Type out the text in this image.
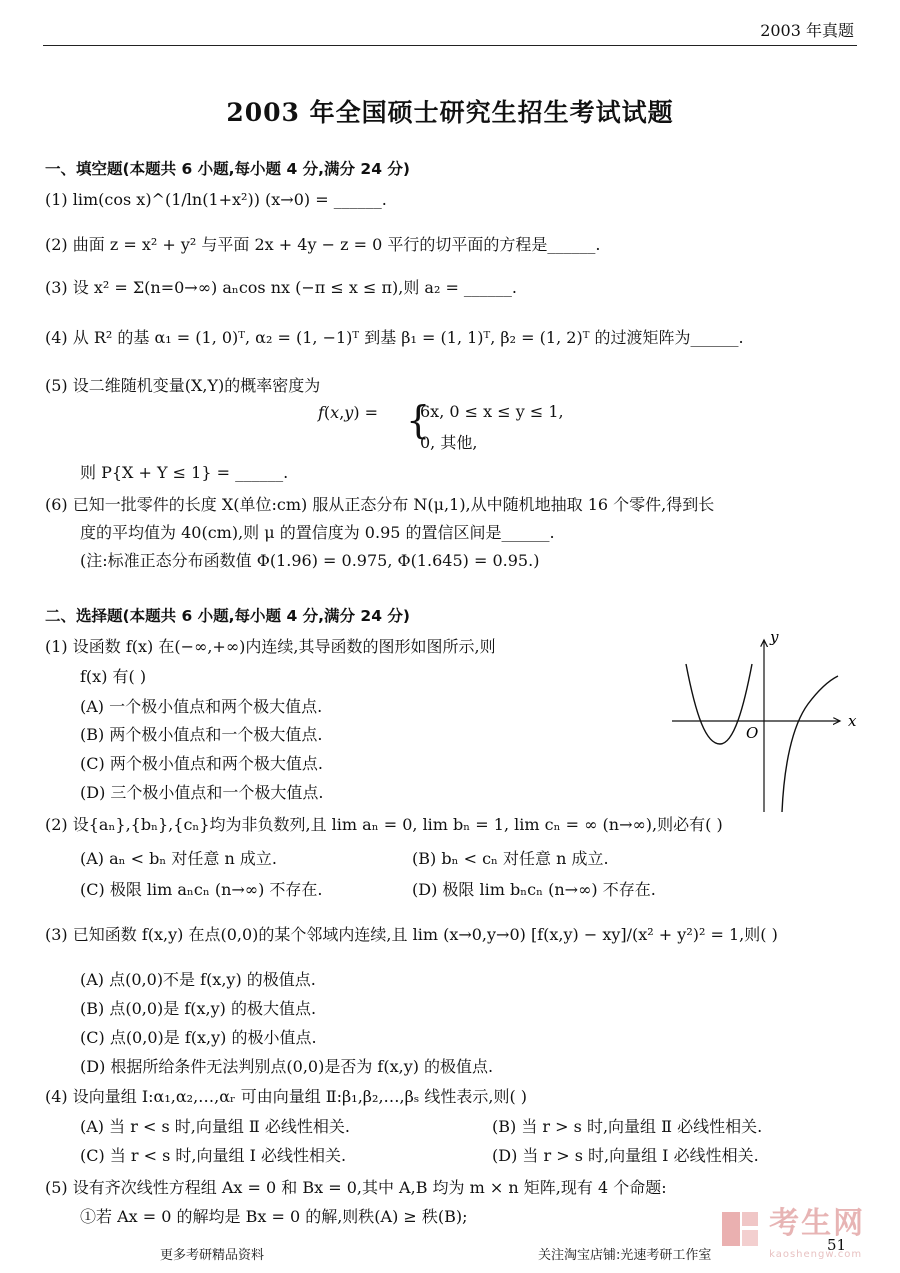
2003 年真题
2003 年全国硕士研究生招生考试试题
一、填空题(本题共 6 小题,每小题 4 分,满分 24 分)
(1) lim(cos x)^(1/ln(1+x²)) (x→0) = ______.
(2) 曲面 z = x² + y² 与平面 2x + 4y − z = 0 平行的切平面的方程是______.
(3) 设 x² = Σ(n=0→∞) aₙcos nx (−π ≤ x ≤ π),则 a₂ = ______.
(4) 从 R² 的基 α₁ = (1, 0)ᵀ, α₂ = (1, −1)ᵀ 到基 β₁ = (1, 1)ᵀ, β₂ = (1, 2)ᵀ 的过渡矩阵为______.
(5) 设二维随机变量(X,Y)的概率密度为
f(x,y) = {
6x, 0 ≤ x ≤ y ≤ 1,
0, 其他,
则 P{X + Y ≤ 1} = ______.
(6) 已知一批零件的长度 X(单位:cm) 服从正态分布 N(μ,1),从中随机地抽取 16 个零件,得到长
度的平均值为 40(cm),则 μ 的置信度为 0.95 的置信区间是______.
(注:标准正态分布函数值 Φ(1.96) = 0.975, Φ(1.645) = 0.95.)
二、选择题(本题共 6 小题,每小题 4 分,满分 24 分)
(1) 设函数 f(x) 在(−∞,+∞)内连续,其导函数的图形如图所示,则
f(x) 有( )
(A) 一个极小值点和两个极大值点.
(B) 两个极小值点和一个极大值点.
(C) 两个极小值点和两个极大值点.
(D) 三个极小值点和一个极大值点.
x
y
O
(2) 设{aₙ},{bₙ},{cₙ}均为非负数列,且 lim aₙ = 0, lim bₙ = 1, lim cₙ = ∞ (n→∞),则必有( )
(A) aₙ < bₙ 对任意 n 成立.	(B) bₙ < cₙ 对任意 n 成立.
(C) 极限 lim aₙcₙ (n→∞) 不存在.	(D) 极限 lim bₙcₙ (n→∞) 不存在.
(3) 已知函数 f(x,y) 在点(0,0)的某个邻域内连续,且 lim (x→0,y→0) [f(x,y) − xy]/(x² + y²)² = 1,则( )
(A) 点(0,0)不是 f(x,y) 的极值点.
(B) 点(0,0)是 f(x,y) 的极大值点.
(C) 点(0,0)是 f(x,y) 的极小值点.
(D) 根据所给条件无法判别点(0,0)是否为 f(x,y) 的极值点.
(4) 设向量组 Ⅰ:α₁,α₂,…,αᵣ 可由向量组 Ⅱ:β₁,β₂,…,βₛ 线性表示,则( )
(A) 当 r < s 时,向量组 Ⅱ 必线性相关.	(B) 当 r > s 时,向量组 Ⅱ 必线性相关.
(C) 当 r < s 时,向量组 Ⅰ 必线性相关.	(D) 当 r > s 时,向量组 Ⅰ 必线性相关.
(5) 设有齐次线性方程组 Ax = 0 和 Bx = 0,其中 A,B 均为 m × n 矩阵,现有 4 个命题:
①若 Ax = 0 的解均是 Bx = 0 的解,则秩(A) ≥ 秩(B);	考生网
kaoshengw.com
更多考研精品资料	关注淘宝店铺:光速考研工作室
51
